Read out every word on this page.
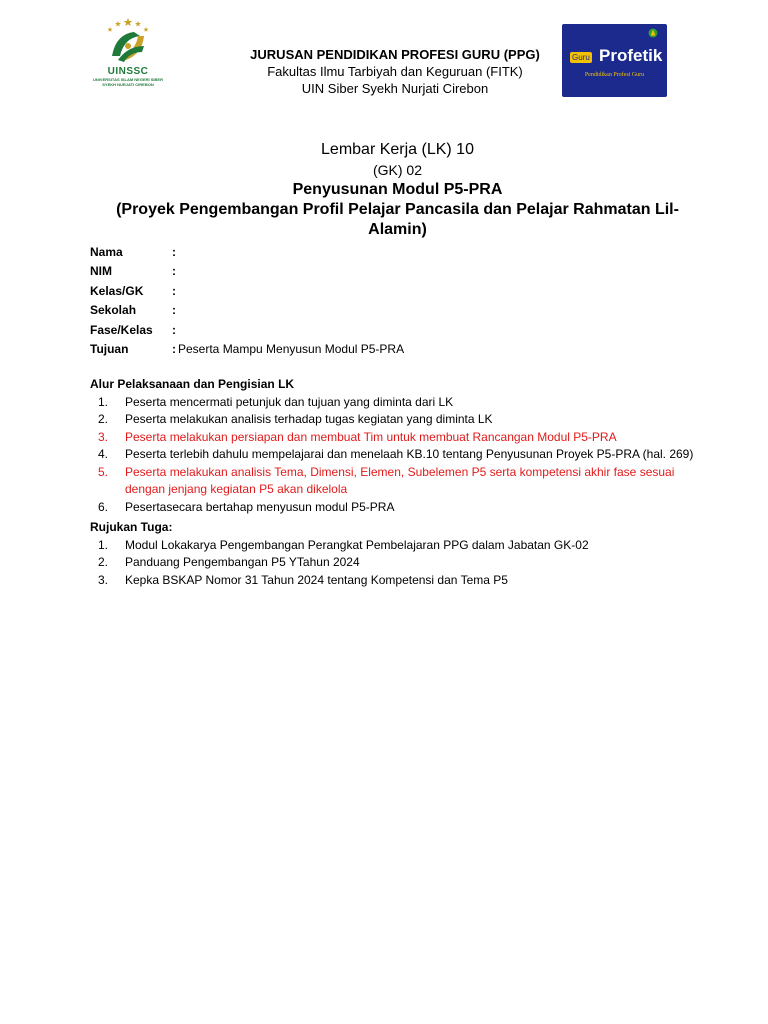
UINSSC
UNIVERSITAS ISLAM NEGERI SIBER SYEKH NURJATI CIREBON
JURUSAN PENDIDIKAN PROFESI GURU (PPG)
Fakultas Ilmu Tarbiyah dan Keguruan (FITK)
UIN Siber Syekh Nurjati Cirebon
Guru Profetik
Pendidikan Profesi Guru
Lembar Kerja (LK) 10
(GK) 02
Penyusunan Modul P5-PRA
(Proyek Pengembangan Profil Pelajar Pancasila dan Pelajar Rahmatan Lil-Alamin)
Nama	:
NIM	:
Kelas/GK	:
Sekolah	:
Fase/Kelas	:
Tujuan	: Peserta Mampu Menyusun Modul P5-PRA
Alur Pelaksanaan dan Pengisian LK
1.	Peserta mencermati petunjuk dan tujuan yang diminta dari LK
2.	Peserta melakukan analisis terhadap tugas kegiatan yang diminta LK
3.	Peserta melakukan persiapan dan membuat Tim untuk membuat Rancangan Modul P5-PRA
4.	Peserta terlebih dahulu mempelajarai dan menelaah KB.10 tentang Penyusunan Proyek P5-PRA (hal. 269)
5.	Peserta melakukan analisis Tema, Dimensi, Elemen, Subelemen P5 serta kompetensi akhir fase sesuai dengan jenjang kegiatan P5 akan dikelola
6.	Pesertasecara bertahap menyusun modul P5-PRA
Rujukan Tuga:
1.	Modul Lokakarya Pengembangan Perangkat Pembelajaran PPG dalam Jabatan GK-02
2.	Panduang Pengembangan P5 YTahun 2024
3.	Kepka BSKAP Nomor 31 Tahun 2024 tentang Kompetensi dan Tema P5
